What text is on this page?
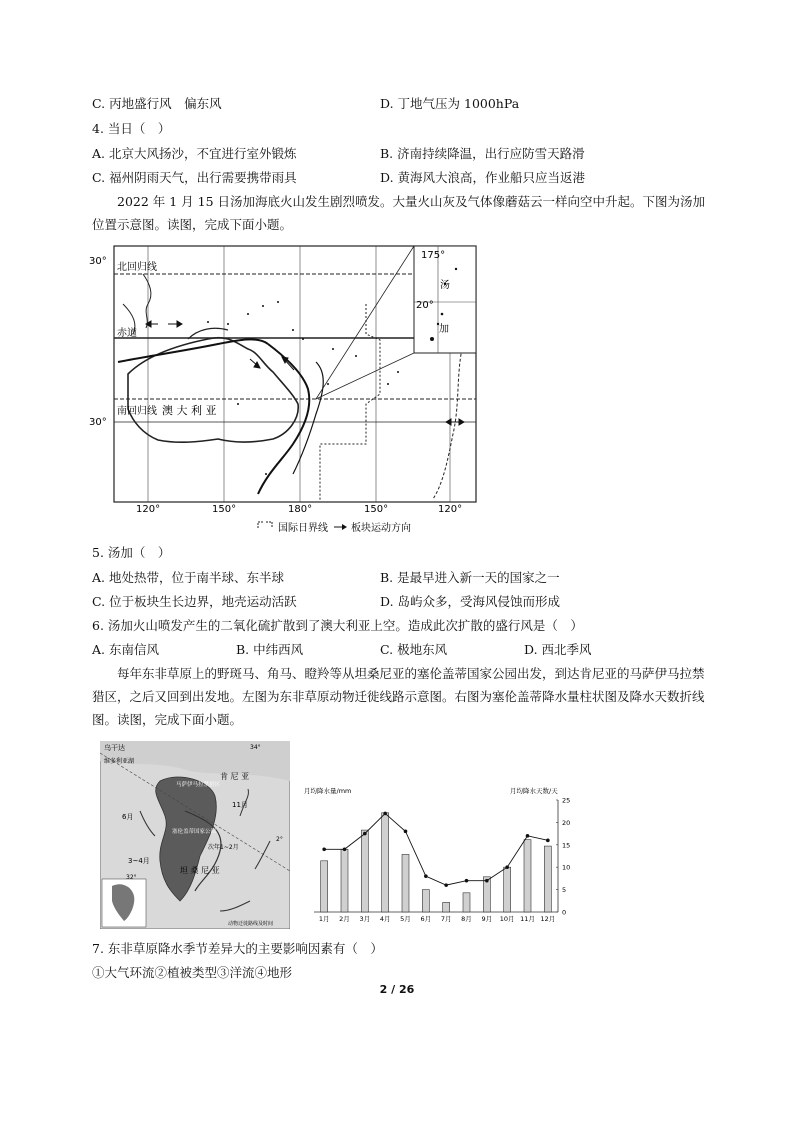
C. 丙地盛行风　偏东风	D. 丁地气压为 1000hPa
4. 当日（　）
A. 北京大风扬沙，不宜进行室外锻炼	B. 济南持续降温，出行应防雪天路滑
C. 福州阴雨天气，出行需要携带雨具	D. 黄海风大浪高，作业船只应当返港
2022 年 1 月 15 日汤加海底火山发生剧烈喷发。大量火山灰及气体像蘑菇云一样向空中升起。下图为汤加位置示意图。读图，完成下面小题。
30°
30°
北回归线
赤道
南回归线 澳 大 利 亚
175°
20°
汤
加
120°	150°	180°	150°	120°
国际日界线 板块运动方向
5. 汤加（　）
A. 地处热带，位于南半球、东半球	B. 是最早进入新一天的国家之一
C. 位于板块生长边界，地壳运动活跃	D. 岛屿众多，受海风侵蚀而形成
6. 汤加火山喷发产生的二氧化硫扩散到了澳大利亚上空。造成此次扩散的盛行风是（　）
A. 东南信风	B. 中纬西风	C. 极地东风	D. 西北季风
每年东非草原上的野斑马、角马、瞪羚等从坦桑尼亚的塞伦盖蒂国家公园出发，到达肯尼亚的马萨伊马拉禁猎区，之后又回到出发地。左图为东非草原动物迁徙线路示意图。右图为塞伦盖蒂降水量柱状图及降水天数折线图。读图，完成下面小题。
乌干达
维多利亚湖
肯 尼 亚
马萨伊马拉禁猎区
塞伦盖蒂国家公园
11月
6月
3~4月
次年1~2月
坦 桑 尼 亚
34°
32°
2°
动物迁徙路线及时间
月均降水量/mm	月均降水天数/天
1月 2月 3月 4月 5月 6月 7月 8月 9月 10月 11月 12月
0
5
10
15
20
25
7. 东非草原降水季节差异大的主要影响因素有（　）
①大气环流②植被类型③洋流④地形
2 / 26
